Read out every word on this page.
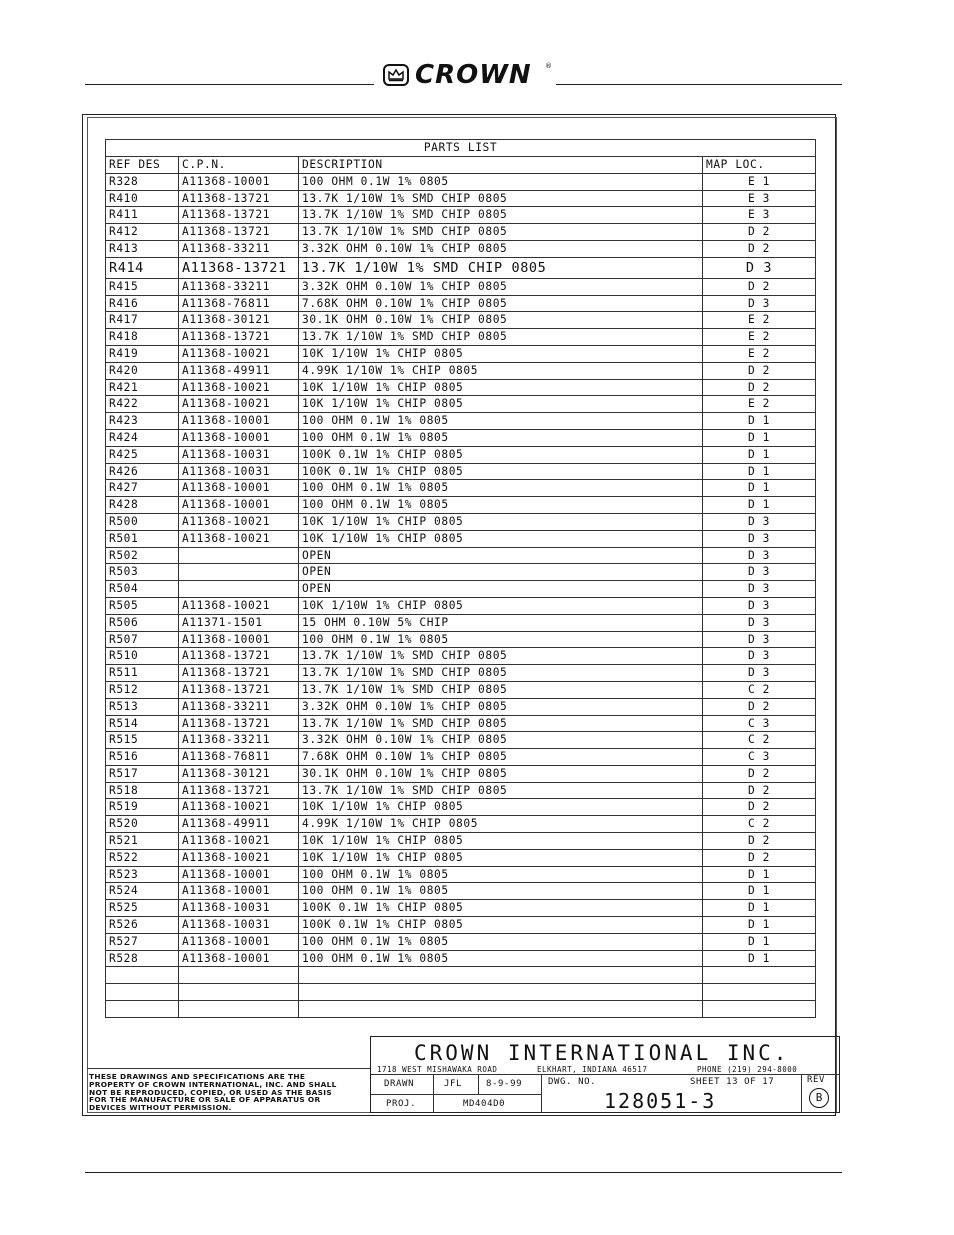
CROWN ®
PARTS LIST			
REF DES	C.P.N.	DESCRIPTION	MAP LOC.
R328	A11368-10001	100 OHM 0.1W 1% 0805	E 1
R410	A11368-13721	13.7K 1/10W 1% SMD CHIP 0805	E 3
R411	A11368-13721	13.7K 1/10W 1% SMD CHIP 0805	E 3
R412	A11368-13721	13.7K 1/10W 1% SMD CHIP 0805	D 2
R413	A11368-33211	3.32K OHM 0.10W 1% CHIP 0805	D 2
R414	A11368-13721	13.7K 1/10W 1% SMD CHIP 0805	D 3
R415	A11368-33211	3.32K OHM 0.10W 1% CHIP 0805	D 2
R416	A11368-76811	7.68K OHM 0.10W 1% CHIP 0805	D 3
R417	A11368-30121	30.1K OHM 0.10W 1% CHIP 0805	E 2
R418	A11368-13721	13.7K 1/10W 1% SMD CHIP 0805	E 2
R419	A11368-10021	10K 1/10W 1% CHIP 0805	E 2
R420	A11368-49911	4.99K 1/10W 1% CHIP 0805	D 2
R421	A11368-10021	10K 1/10W 1% CHIP 0805	D 2
R422	A11368-10021	10K 1/10W 1% CHIP 0805	E 2
R423	A11368-10001	100 OHM 0.1W 1% 0805	D 1
R424	A11368-10001	100 OHM 0.1W 1% 0805	D 1
R425	A11368-10031	100K 0.1W 1% CHIP 0805	D 1
R426	A11368-10031	100K 0.1W 1% CHIP 0805	D 1
R427	A11368-10001	100 OHM 0.1W 1% 0805	D 1
R428	A11368-10001	100 OHM 0.1W 1% 0805	D 1
R500	A11368-10021	10K 1/10W 1% CHIP 0805	D 3
R501	A11368-10021	10K 1/10W 1% CHIP 0805	D 3
R502		OPEN	D 3
R503		OPEN	D 3
R504		OPEN	D 3
R505	A11368-10021	10K 1/10W 1% CHIP 0805	D 3
R506	A11371-1501	15 OHM 0.10W 5% CHIP	D 3
R507	A11368-10001	100 OHM 0.1W 1% 0805	D 3
R510	A11368-13721	13.7K 1/10W 1% SMD CHIP 0805	D 3
R511	A11368-13721	13.7K 1/10W 1% SMD CHIP 0805	D 3
R512	A11368-13721	13.7K 1/10W 1% SMD CHIP 0805	C 2
R513	A11368-33211	3.32K OHM 0.10W 1% CHIP 0805	D 2
R514	A11368-13721	13.7K 1/10W 1% SMD CHIP 0805	C 3
R515	A11368-33211	3.32K OHM 0.10W 1% CHIP 0805	C 2
R516	A11368-76811	7.68K OHM 0.10W 1% CHIP 0805	C 3
R517	A11368-30121	30.1K OHM 0.10W 1% CHIP 0805	D 2
R518	A11368-13721	13.7K 1/10W 1% SMD CHIP 0805	D 2
R519	A11368-10021	10K 1/10W 1% CHIP 0805	D 2
R520	A11368-49911	4.99K 1/10W 1% CHIP 0805	C 2
R521	A11368-10021	10K 1/10W 1% CHIP 0805	D 2
R522	A11368-10021	10K 1/10W 1% CHIP 0805	D 2
R523	A11368-10001	100 OHM 0.1W 1% 0805	D 1
R524	A11368-10001	100 OHM 0.1W 1% 0805	D 1
R525	A11368-10031	100K 0.1W 1% CHIP 0805	D 1
R526	A11368-10031	100K 0.1W 1% CHIP 0805	D 1
R527	A11368-10001	100 OHM 0.1W 1% 0805	D 1
R528	A11368-10001	100 OHM 0.1W 1% 0805	D 1

THESE DRAWINGS AND SPECIFICATIONS ARE THE PROPERTY OF CROWN INTERNATIONAL, INC. AND SHALL NOT BE REPRODUCED, COPIED, OR USED AS THE BASIS FOR THE MANUFACTURE OR SALE OF APPARATUS OR DEVICES WITHOUT PERMISSION.
CROWN INTERNATIONAL INC.
1718 WEST MISHAWAKA ROAD	ELKHART, INDIANA 46517	PHONE (219) 294-8000
DRAWN	JFL	8-9-99
PROJ.	MD404D0
DWG. NO.	SHEET 13 OF 17
128051-3
REV
B
